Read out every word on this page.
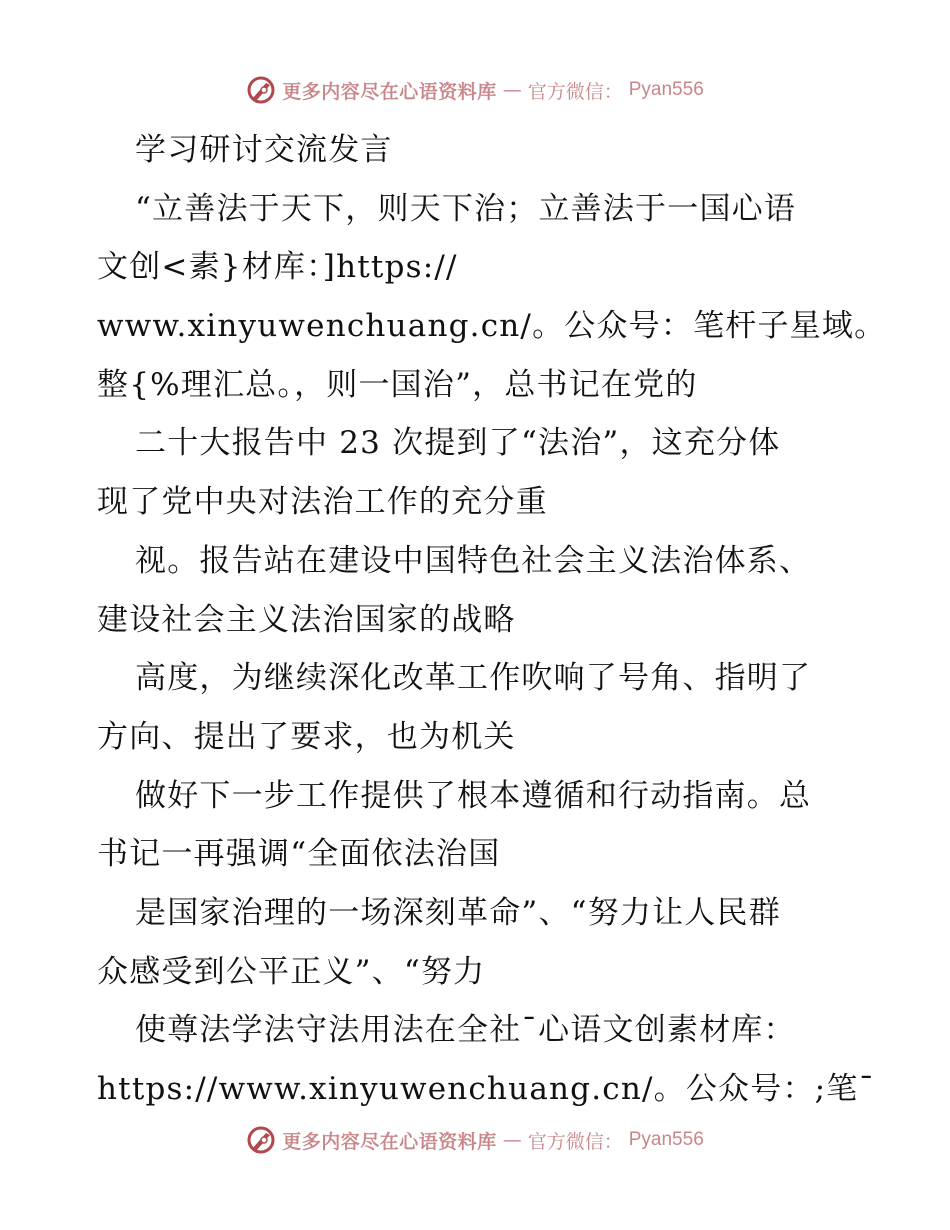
更多内容尽在心语资料库 — 官方微信： Pyan556
学习研讨交流发言
“立善法于天下，则天下治；立善法于一国心语
文创<素}材库：]https://
www.xinyuwenchuang.cn/。公众号：笔杆子星域。
整{%理汇总。，则一国治”，总书记在党的
二十大报告中 23 次提到了“法治”，这充分体
现了党中央对法治工作的充分重
视。报告站在建设中国特色社会主义法治体系、
建设社会主义法治国家的战略
高度，为继续深化改革工作吹响了号角、指明了
方向、提出了要求，也为机关
做好下一步工作提供了根本遵循和行动指南。总
书记一再强调“全面依法治国
是国家治理的一场深刻革命”、“努力让人民群
众感受到公平正义”、“努力
使尊法学法守法用法在全社¯心语文创素材库：
https://www.xinyuwenchuang.cn/。公众号：;笔¯
更多内容尽在心语资料库 — 官方微信： Pyan556
